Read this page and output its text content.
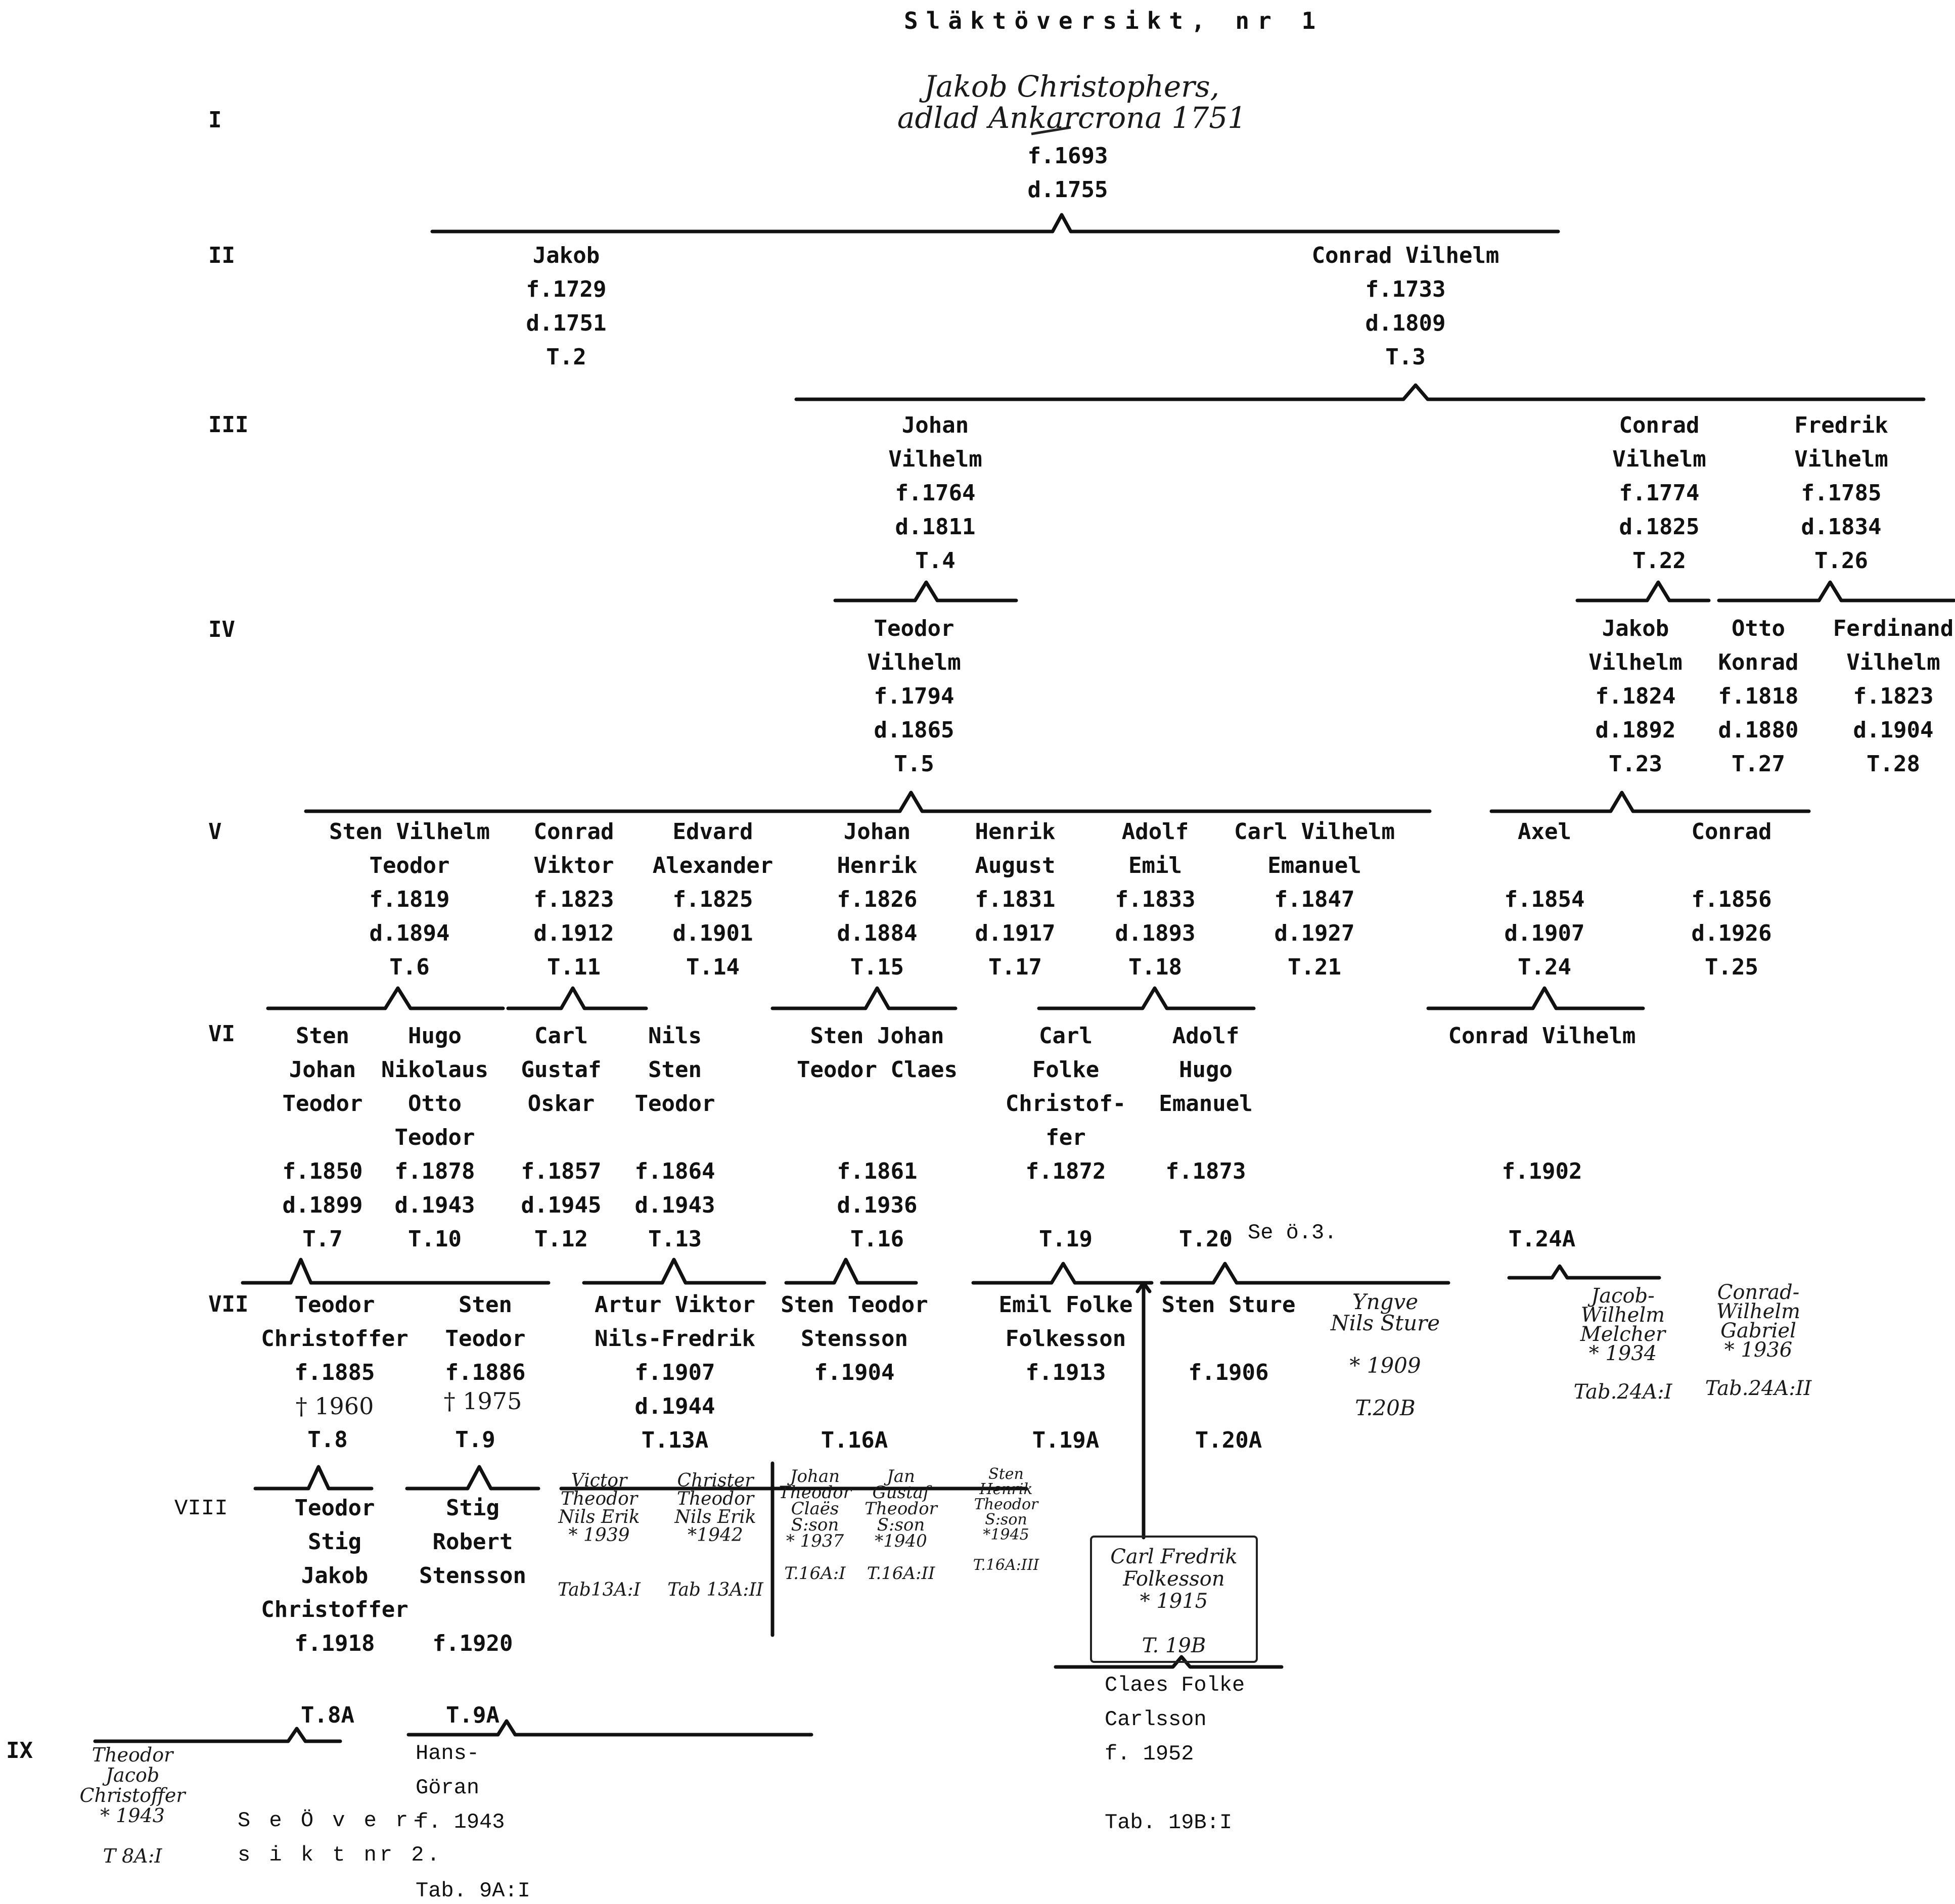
Släktöversikt, nr 1
I
II
III
IV
V
VI
VII
VIII
IX
Jakob Christophers,
adlad Ankarcrona 1751
f.1693
d.1755
Jakob
f.1729
d.1751
T.2
Conrad Vilhelm
f.1733
d.1809
T.3
Johan
Vilhelm
f.1764
d.1811
T.4
Conrad
Vilhelm
f.1774
d.1825
T.22
Fredrik
Vilhelm
f.1785
d.1834
T.26
Teodor
Vilhelm
f.1794
d.1865
T.5
Jakob
Vilhelm
f.1824
d.1892
T.23
Otto
Konrad
f.1818
d.1880
T.27
Ferdinand
Vilhelm
f.1823
d.1904
T.28
Sten Vilhelm
Teodor
f.1819
d.1894
T.6
Conrad
Viktor
f.1823
d.1912
T.11
Edvard
Alexander
f.1825
d.1901
T.14
Johan
Henrik
f.1826
d.1884
T.15
Henrik
August
f.1831
d.1917
T.17
Adolf
Emil
f.1833
d.1893
T.18
Carl Vilhelm
Emanuel
f.1847
d.1927
T.21
Axel

f.1854
d.1907
T.24
Conrad

f.1856
d.1926
T.25
Sten
Johan
Teodor

f.1850
d.1899
T.7
Hugo
Nikolaus
Otto
Teodor
f.1878
d.1943
T.10
Carl
Gustaf
Oskar

f.1857
d.1945
T.12
Nils
Sten
Teodor

f.1864
d.1943
T.13
Sten Johan
Teodor Claes

f.1861
d.1936
T.16
Carl
Folke
Christof-
fer
f.1872

T.19
Adolf
Hugo
Emanuel

f.1873

T.20
Conrad Vilhelm

f.1902

T.24A
Se ö.3.
Teodor
Christoffer
f.1885
† 1960
Sten
Teodor
f.1886
† 1975
Artur Viktor
Nils-Fredrik
f.1907
d.1944
T.13A
Sten Teodor
Stensson
f.1904

T.16A
Emil Folke
Folkesson
f.1913

T.19A
Sten Sture

f.1906

T.20A
Yngve
Nils Sture

* 1909

T.20B
Jacob-
Wilhelm
Melcher
* 1934

Tab.24A:I
Conrad-
Wilhelm
Gabriel
* 1936

Tab.24A:II
T.8	T.9
Victor
Theodor
Nils Erik
* 1939

Tab13A:I
Christer
Theodor
Nils Erik
*1942

Tab 13A:II
Johan
Theodor
Claës
S:son
* 1937

T.16A:I
Jan
Gustaf
Theodor
S:son
*1940

T.16A:II
Sten
Henrik
Theodor
S:son
*1945

T.16A:III	Carl Fredrik
Folkesson
* 1915

T. 19B
Teodor
Stig
Jakob
Christoffer
f.1918
Stig
Robert
Stensson

f.1920
T.8A	T.9A
Claes Folke
Carlsson
f. 1952

Tab. 19B:I
Theodor
Jacob
Christoffer
* 1943

T 8A:I
S e Ö v e r-
s i k t nr 2.
Hans-
Göran
f. 1943

Tab. 9A:I
